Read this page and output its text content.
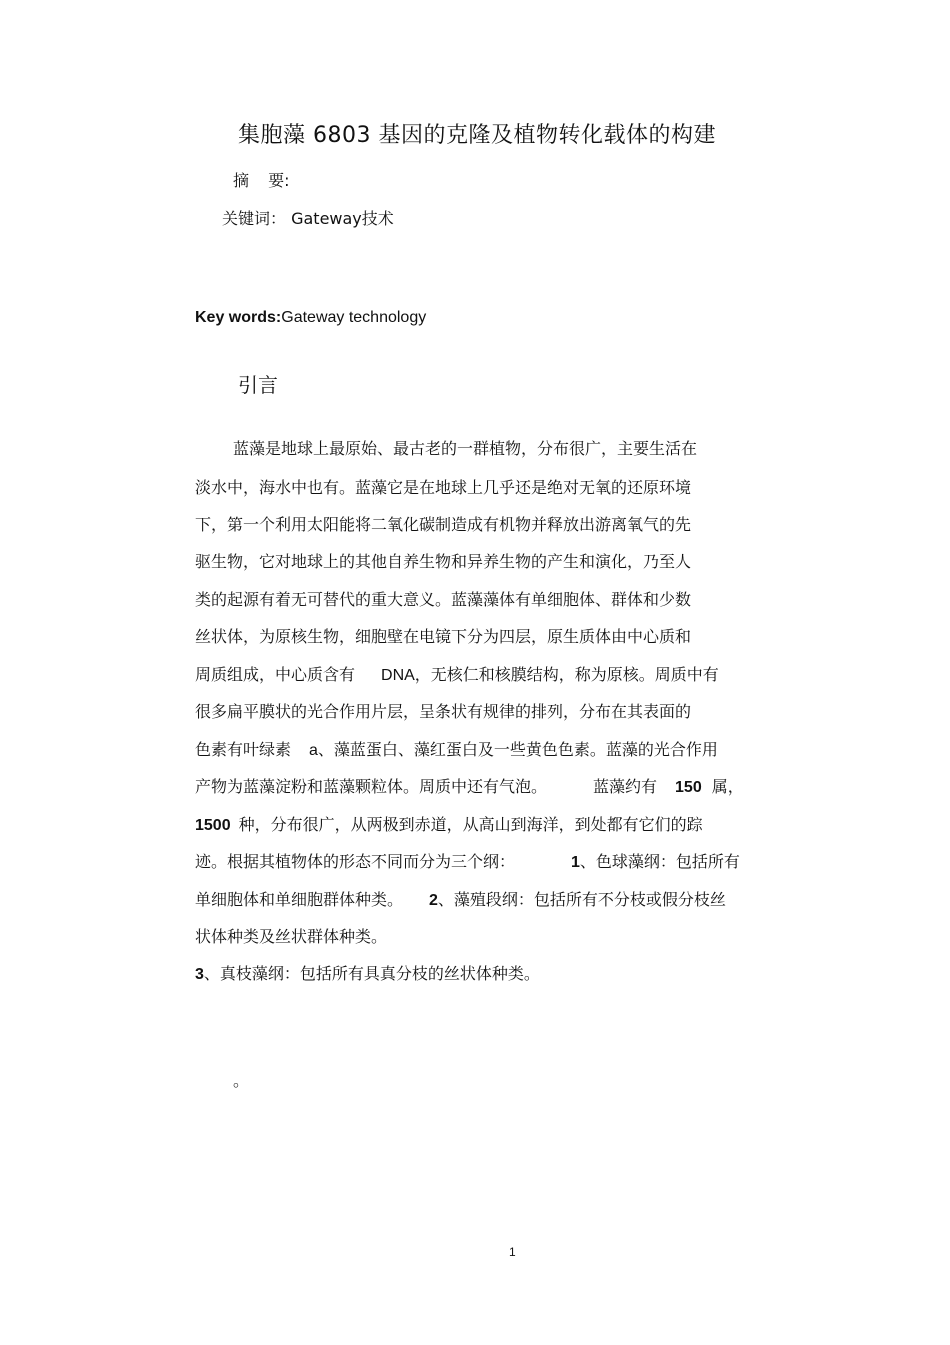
集胞藻 6803 基因的克隆及植物转化载体的构建
摘 要:
关键词： Gateway技术
Key words:Gateway technology
引言
蓝藻是地球上最原始、最古老的一群植物，分布很广，主要生活在
淡水中，海水中也有。蓝藻它是在地球上几乎还是绝对无氧的还原环境
下，第一个利用太阳能将二氧化碳制造成有机物并释放出游离氧气的先
驱生物，它对地球上的其他自养生物和异养生物的产生和演化，乃至人
类的起源有着无可替代的重大意义。蓝藻藻体有单细胞体、群体和少数
丝状体，为原核生物，细胞壁在电镜下分为四层，原生质体由中心质和
周质组成，中心质含有 DNA，无核仁和核膜结构，称为原核。周质中有
很多扁平膜状的光合作用片层，呈条状有规律的排列，分布在其表面的
色素有叶绿素 a、藻蓝蛋白、藻红蛋白及一些黄色色素。蓝藻的光合作用
产物为蓝藻淀粉和蓝藻颗粒体。周质中还有气泡。	蓝藻约有 150 属，
1500 种，分布很广，从两极到赤道，从高山到海洋，到处都有它们的踪
迹。根据其植物体的形态不同而分为三个纲：	1、色球藻纲：包括所有
单细胞体和单细胞群体种类。 2、藻殖段纲：包括所有不分枝或假分枝丝
状体种类及丝状群体种类。
3、真枝藻纲：包括所有具真分枝的丝状体种类。
。
1
